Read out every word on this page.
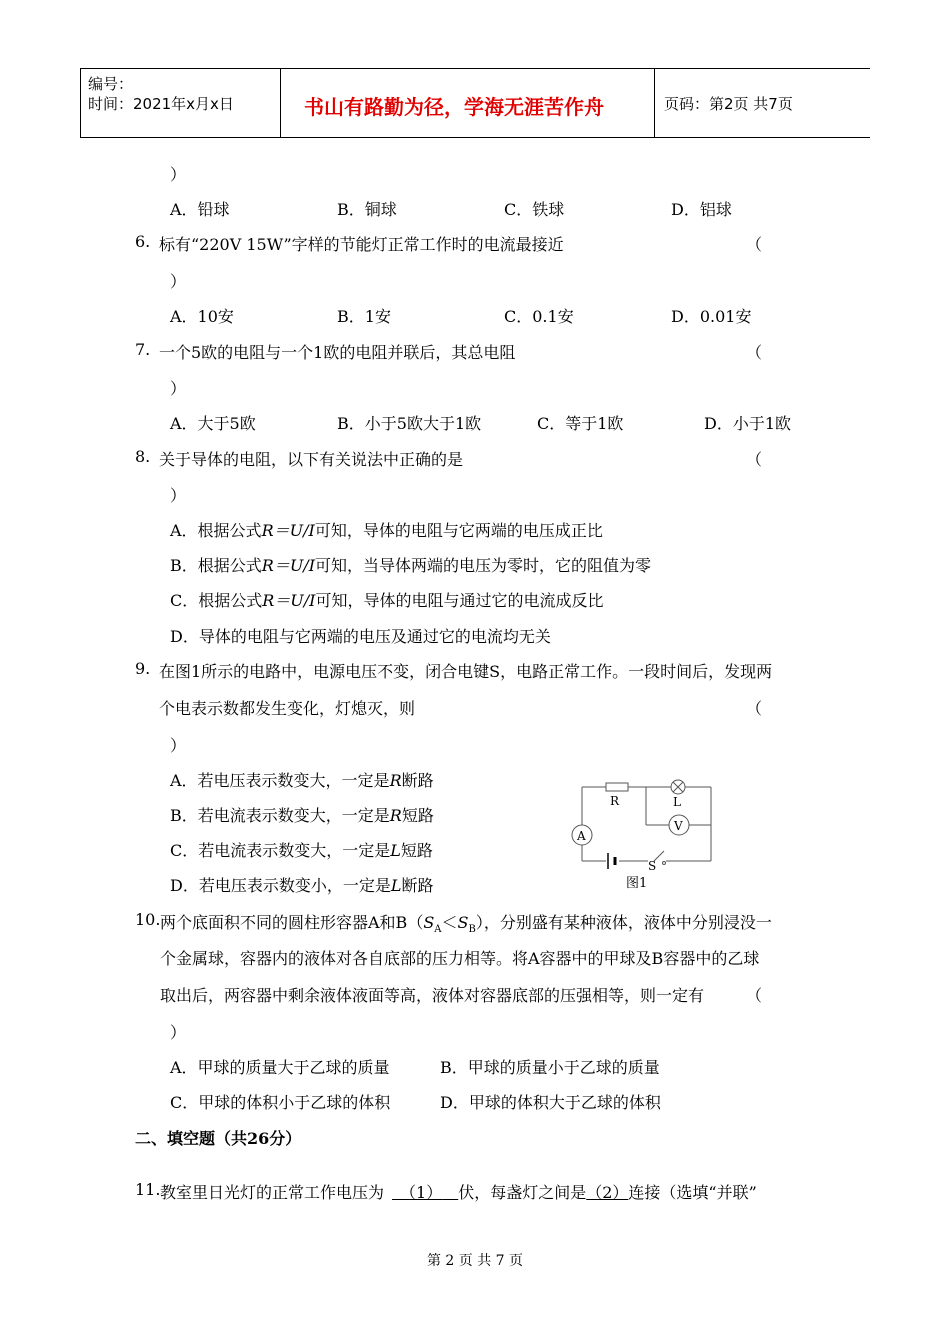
编号：
时间：2021年x月x日	书山有路勤为径，学海无涯苦作舟	页码：第2页 共7页
）
A．铅球	B．铜球	C．铁球	D．铝球
6. 标有“220V 15W”字样的节能灯正常工作时的电流最接近	（
）
A．10安	B．1安	C．0.1安	D．0.01安
7. 一个5欧的电阻与一个1欧的电阻并联后，其总电阻	（
）
A．大于5欧	B．小于5欧大于1欧	C．等于1欧	D．小于1欧
8. 关于导体的电阻，以下有关说法中正确的是	（
）
A．根据公式R＝U/I可知，导体的电阻与它两端的电压成正比
B．根据公式R＝U/I可知，当导体两端的电压为零时，它的阻值为零
C．根据公式R＝U/I可知，导体的电阻与通过它的电流成反比
D．导体的电阻与它两端的电压及通过它的电流均无关
9. 在图1所示的电路中，电源电压不变，闭合电键S，电路正常工作。一段时间后，发现两
个电表示数都发生变化，灯熄灭，则	（
）
A．若电压表示数变大，一定是R断路
B．若电流表示数变大，一定是R短路
C．若电流表示数变大，一定是L短路
D．若电压表示数变小，一定是L断路
R	L
V
A
S
图1
10. 两个底面积不同的圆柱形容器A和$B(S_A<S_B)$，分别盛有某种液体，液体中分别浸没一
个金属球，容器内的液体对各自底部的压力相等。将A容器中的甲球及B容器中的乙球
取出后，两容器中剩余液体液面等高，液体对容器底部的压强相等，则一定有	（
）
A．甲球的质量大于乙球的质量	B．甲球的质量小于乙球的质量
C．甲球的体积小于乙球的体积	D．甲球的体积大于乙球的体积
二、填空题（共26分）
11. 教室里日光灯的正常工作电压为  （1）   伏，每盏灯之间是（2）连接（选填“并联”
第 2 页 共 7 页
